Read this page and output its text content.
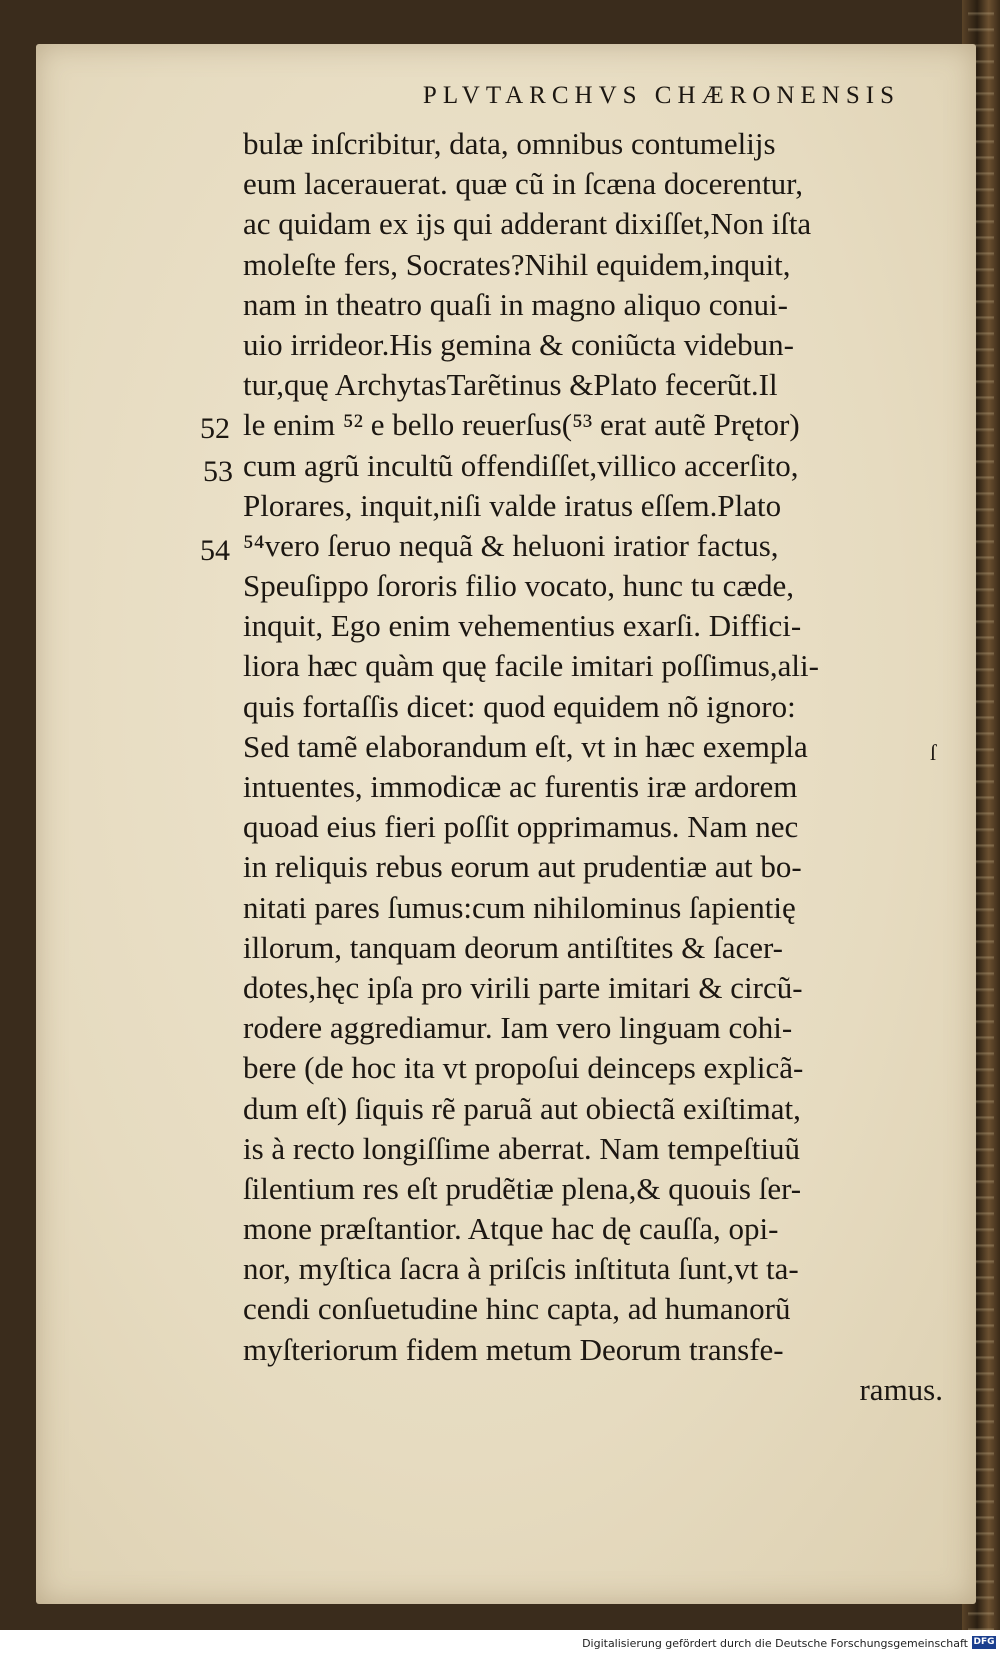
PLVTARCHVS CHÆRONENSIS
52
53
54
ſ
bulæ inſcribitur, data, omnibus contumelijs
eum lacerauerat. quæ cũ in ſcæna docerentur,
ac quidam ex ijs qui adderant dixiſſet,Non iſta
moleſte fers, Socrates?Nihil equidem,inquit,
nam in theatro quaſi in magno aliquo conui-
uio irrideor.His gemina & coniũcta videbun-
tur,quę ArchytasTarẽtinus &Plato fecerũt.Il
le enim ⁵² e bello reuerſus(⁵³ erat autẽ Prętor)
cum agrũ incultũ offendiſſet,villico accerſito,
Plorares, inquit,niſi valde iratus eſſem.Plato
⁵⁴vero ſeruo nequã & heluoni iratior factus,
Speuſippo ſororis filio vocato, hunc tu cæde,
inquit, Ego enim vehementius exarſi. Diffici-
liora hæc quàm quę facile imitari poſſimus,ali-
quis fortaſſis dicet: quod equidem nõ ignoro:
Sed tamẽ elaborandum eſt, vt in hæc exempla
intuentes, immodicæ ac furentis iræ ardorem
quoad eius fieri poſſit opprimamus. Nam nec
in reliquis rebus eorum aut prudentiæ aut bo-
nitati pares ſumus:cum nihilominus ſapientię
illorum, tanquam deorum antiſtites & ſacer-
dotes,hęc ipſa pro virili parte imitari & circũ-
rodere aggrediamur. Iam vero linguam cohi-
bere (de hoc ita vt propoſui deinceps explicã-
dum eſt) ſiquis rẽ paruã aut obiectã exiſtimat,
is à recto longiſſime aberrat. Nam tempeſtiuũ
ſilentium res eſt prudẽtiæ plena,& quouis ſer-
mone præſtantior. Atque hac dę cauſſa, opi-
nor, myſtica ſacra à priſcis inſtituta ſunt,vt ta-
cendi conſuetudine hinc capta, ad humanorũ
myſteriorum fidem metum Deorum transfe-
ramus.
Digitalisierung gefördert durch die Deutsche Forschungsgemeinschaft DFG
